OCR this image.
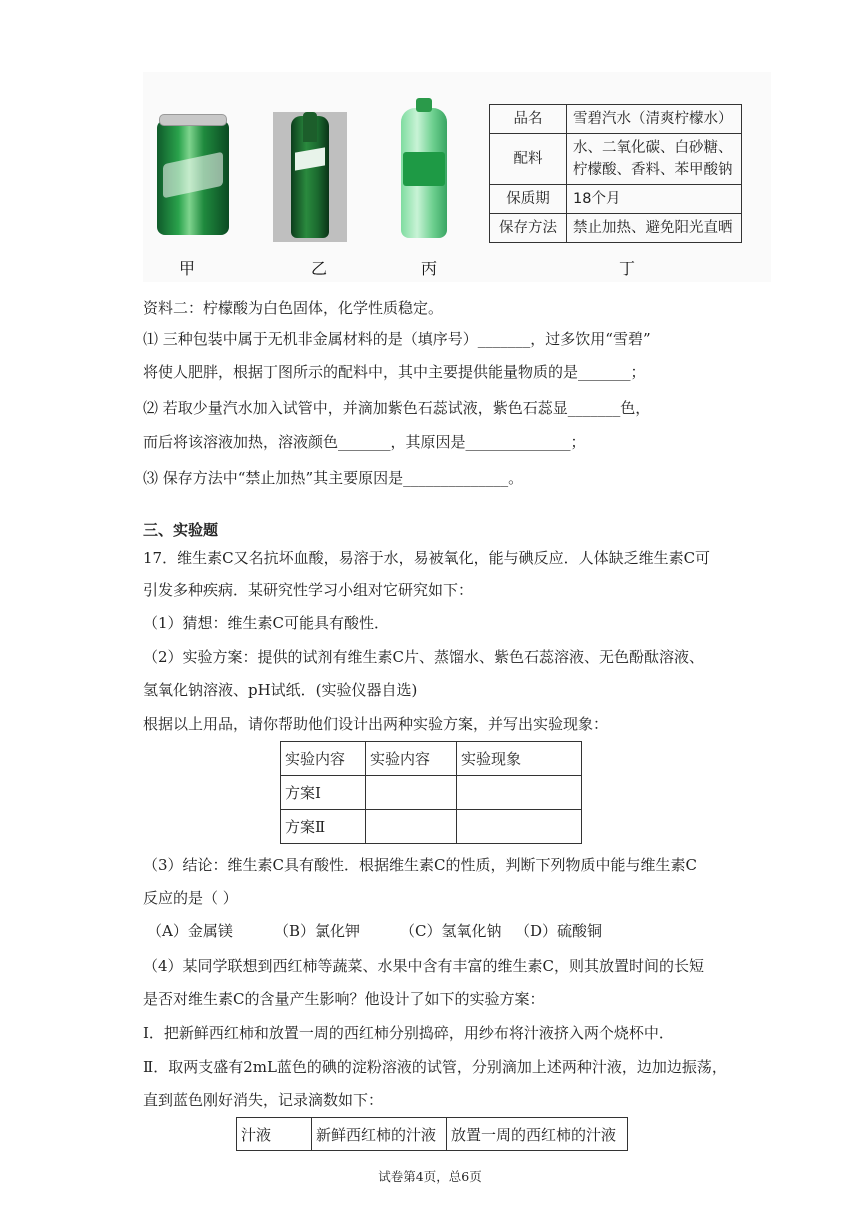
甲	乙	丙	丁
品名	雪碧汽水（清爽柠檬水）
配料	水、二氧化碳、白砂糖、柠檬酸、香料、苯甲酸钠
保质期	18个月
保存方法	禁止加热、避免阳光直晒
资料二：柠檬酸为白色固体，化学性质稳定。
⑴ 三种包装中属于无机非金属材料的是（填序号）_______，过多饮用“雪碧”
将使人肥胖，根据丁图所示的配料中，其中主要提供能量物质的是_______；
⑵ 若取少量汽水加入试管中，并滴加紫色石蕊试液，紫色石蕊显_______色，
而后将该溶液加热，溶液颜色_______，其原因是______________；
⑶ 保存方法中“禁止加热”其主要原因是______________。
三、实验题
17．维生素C又名抗坏血酸，易溶于水，易被氧化，能与碘反应．人体缺乏维生素C可
引发多种疾病．某研究性学习小组对它研究如下：
（1）猜想：维生素C可能具有酸性．
（2）实验方案：提供的试剂有维生素C片、蒸馏水、紫色石蕊溶液、无色酚酞溶液、
氢氧化钠溶液、pH试纸．(实验仪器自选)
根据以上用品，请你帮助他们设计出两种实验方案，并写出实验现象：
实验内容	实验内容	实验现象
方案Ⅰ		
方案Ⅱ		
（3）结论：维生素C具有酸性．根据维生素C的性质，判断下列物质中能与维生素C
反应的是（ ）
（A）金属镁	（B）氯化钾	（C）氢氧化钠 （D）硫酸铜
（4）某同学联想到西红柿等蔬菜、水果中含有丰富的维生素C，则其放置时间的长短
是否对维生素C的含量产生影响？他设计了如下的实验方案：
Ⅰ．把新鲜西红柿和放置一周的西红柿分别捣碎，用纱布将汁液挤入两个烧杯中．
Ⅱ．取两支盛有2mL蓝色的碘的淀粉溶液的试管，分别滴加上述两种汁液，边加边振荡，
直到蓝色刚好消失，记录滴数如下：
汁液	新鲜西红柿的汁液	放置一周的西红柿的汁液
试卷第4页，总6页
